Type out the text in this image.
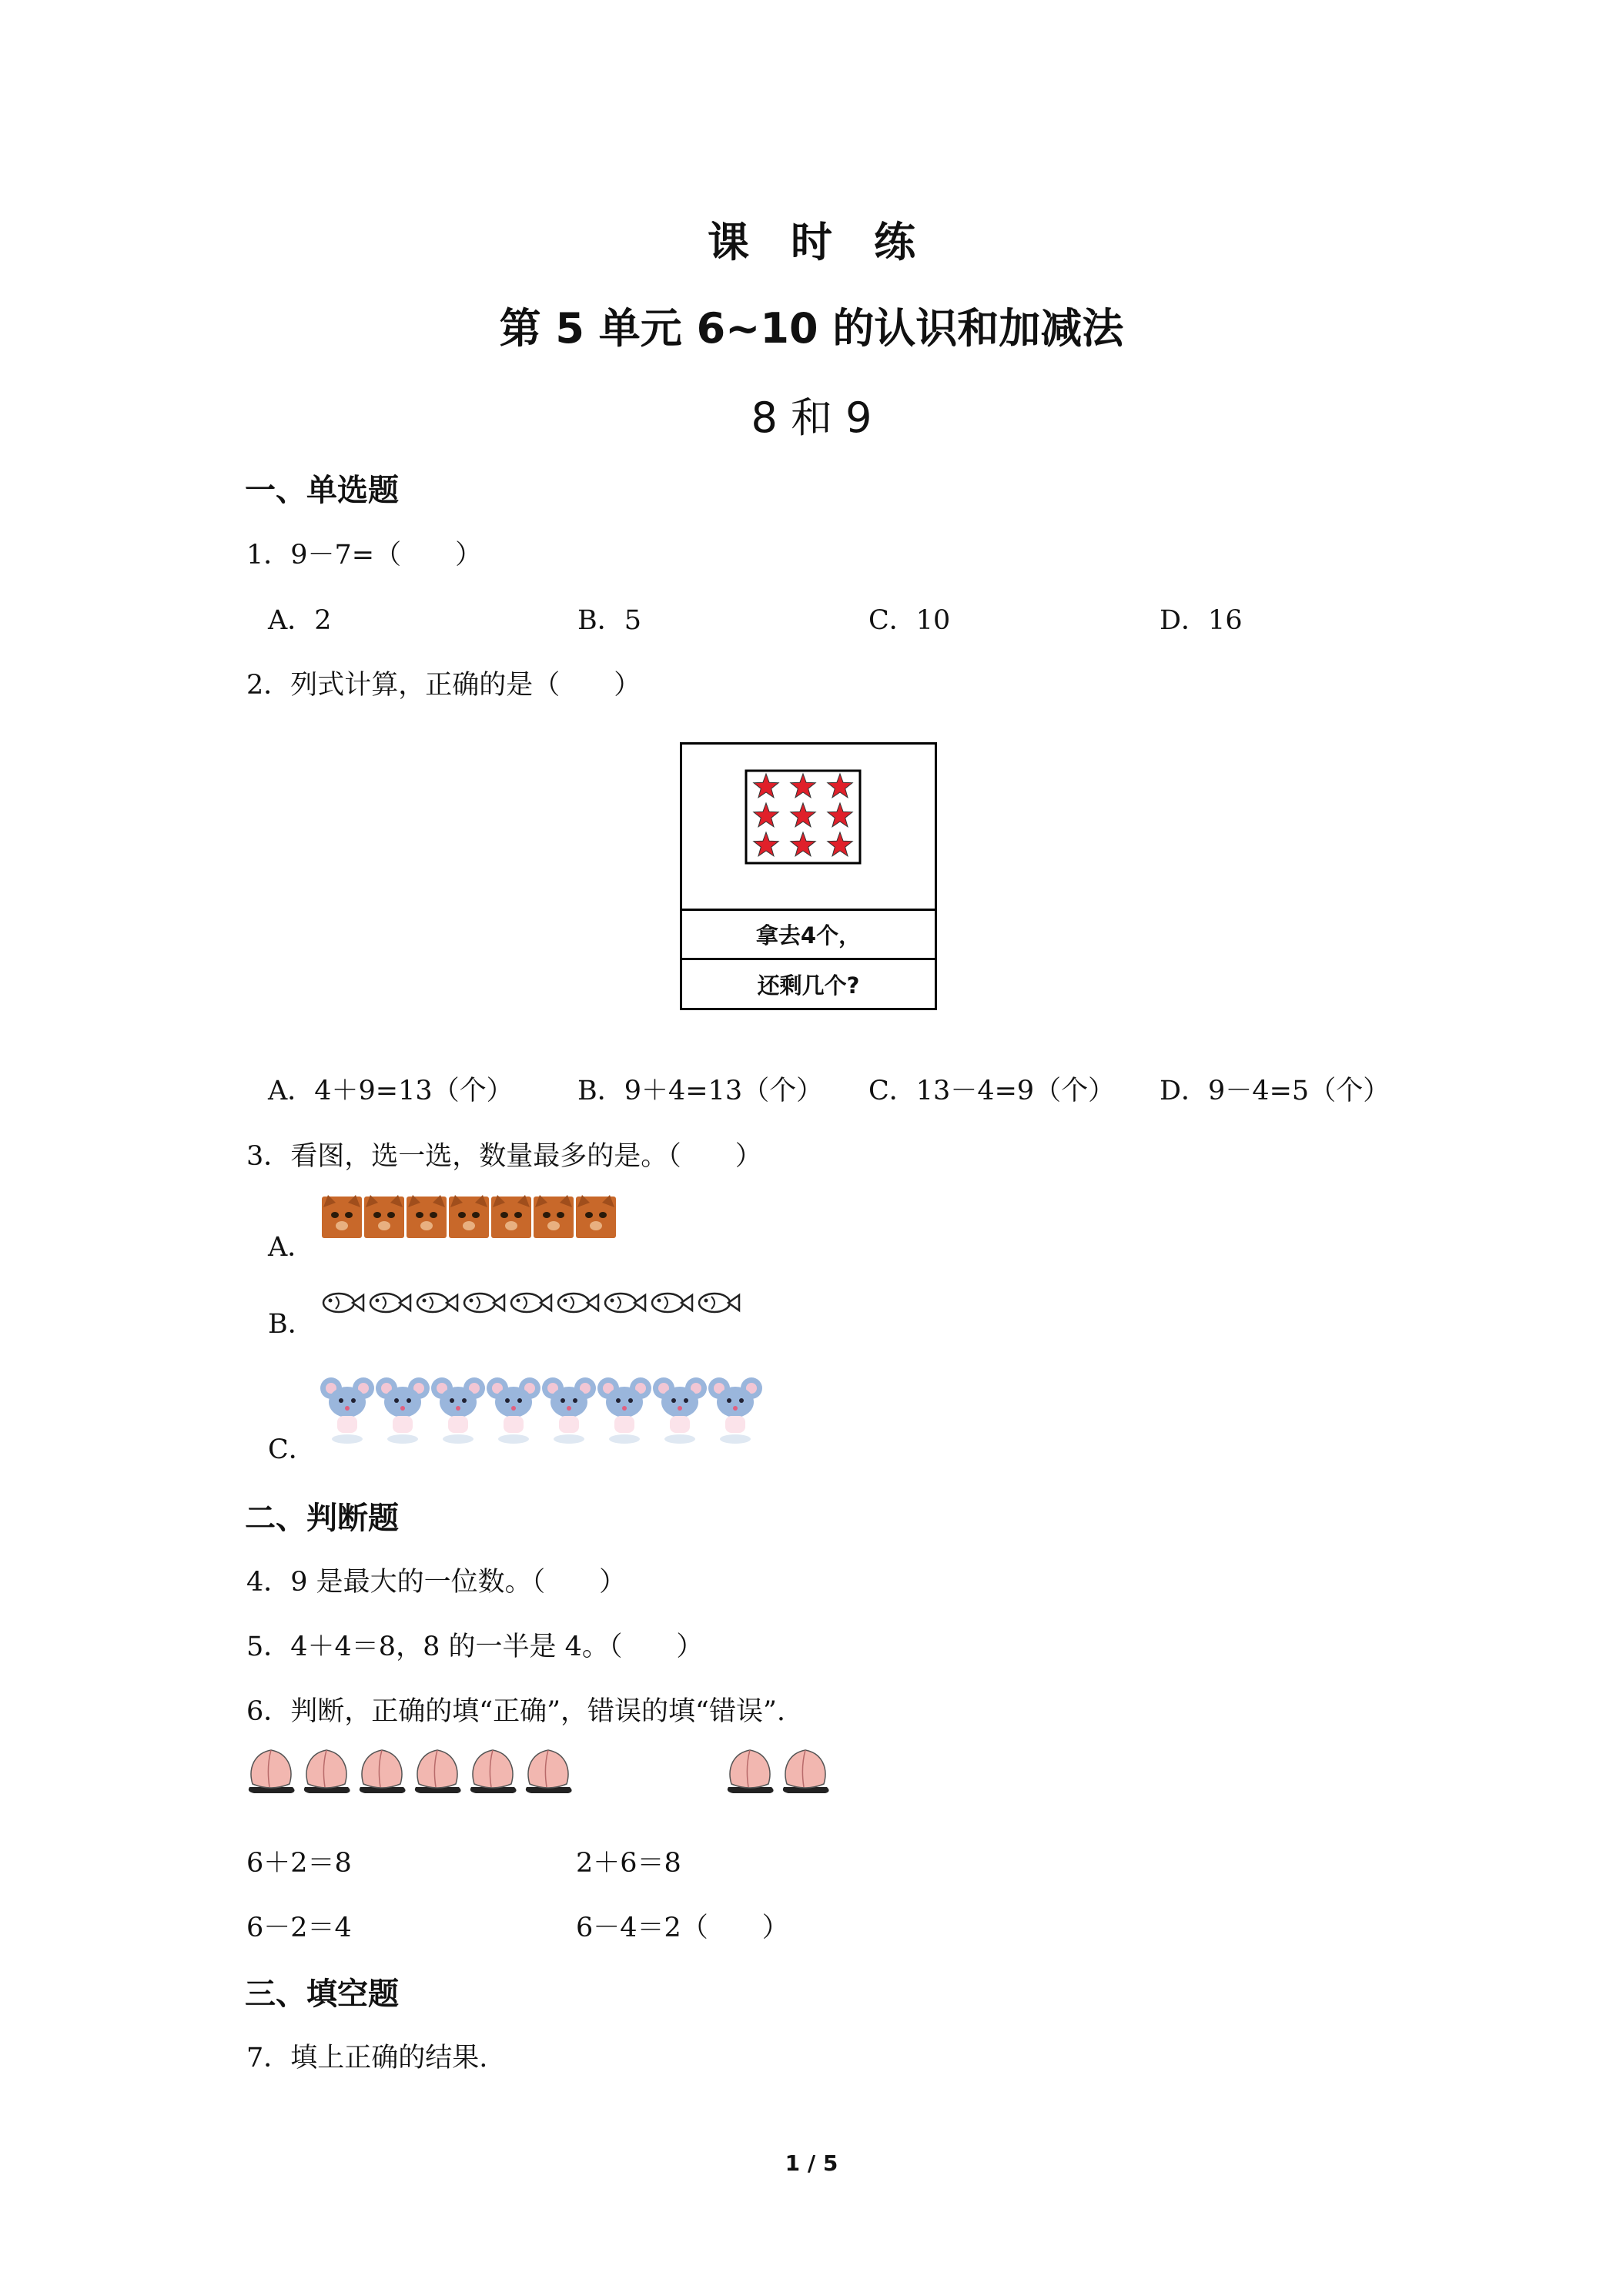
课　时　练
第 5 单元 6~10 的认识和加减法
8 和 9
一、单选题
1．9－7=（　　）
A．2	B．5	C．10	D．16
2．列式计算，正确的是（　　）
拿去4个，
还剩几个?
A．4＋9=13（个） B．9＋4=13（个） C．13－4=9（个） D．9－4=5（个）
3．看图，选一选，数量最多的是。（　　）
A．
B．
C．
二、判断题
4．9 是最大的一位数。（　　）
5．4＋4＝8，8 的一半是 4。（　　）
6．判断，正确的填“正确”，错误的填“错误”.
6＋2＝8	2＋6＝8
6－2＝4	6－4＝2（　　）
三、填空题
7．填上正确的结果.
1 / 5
